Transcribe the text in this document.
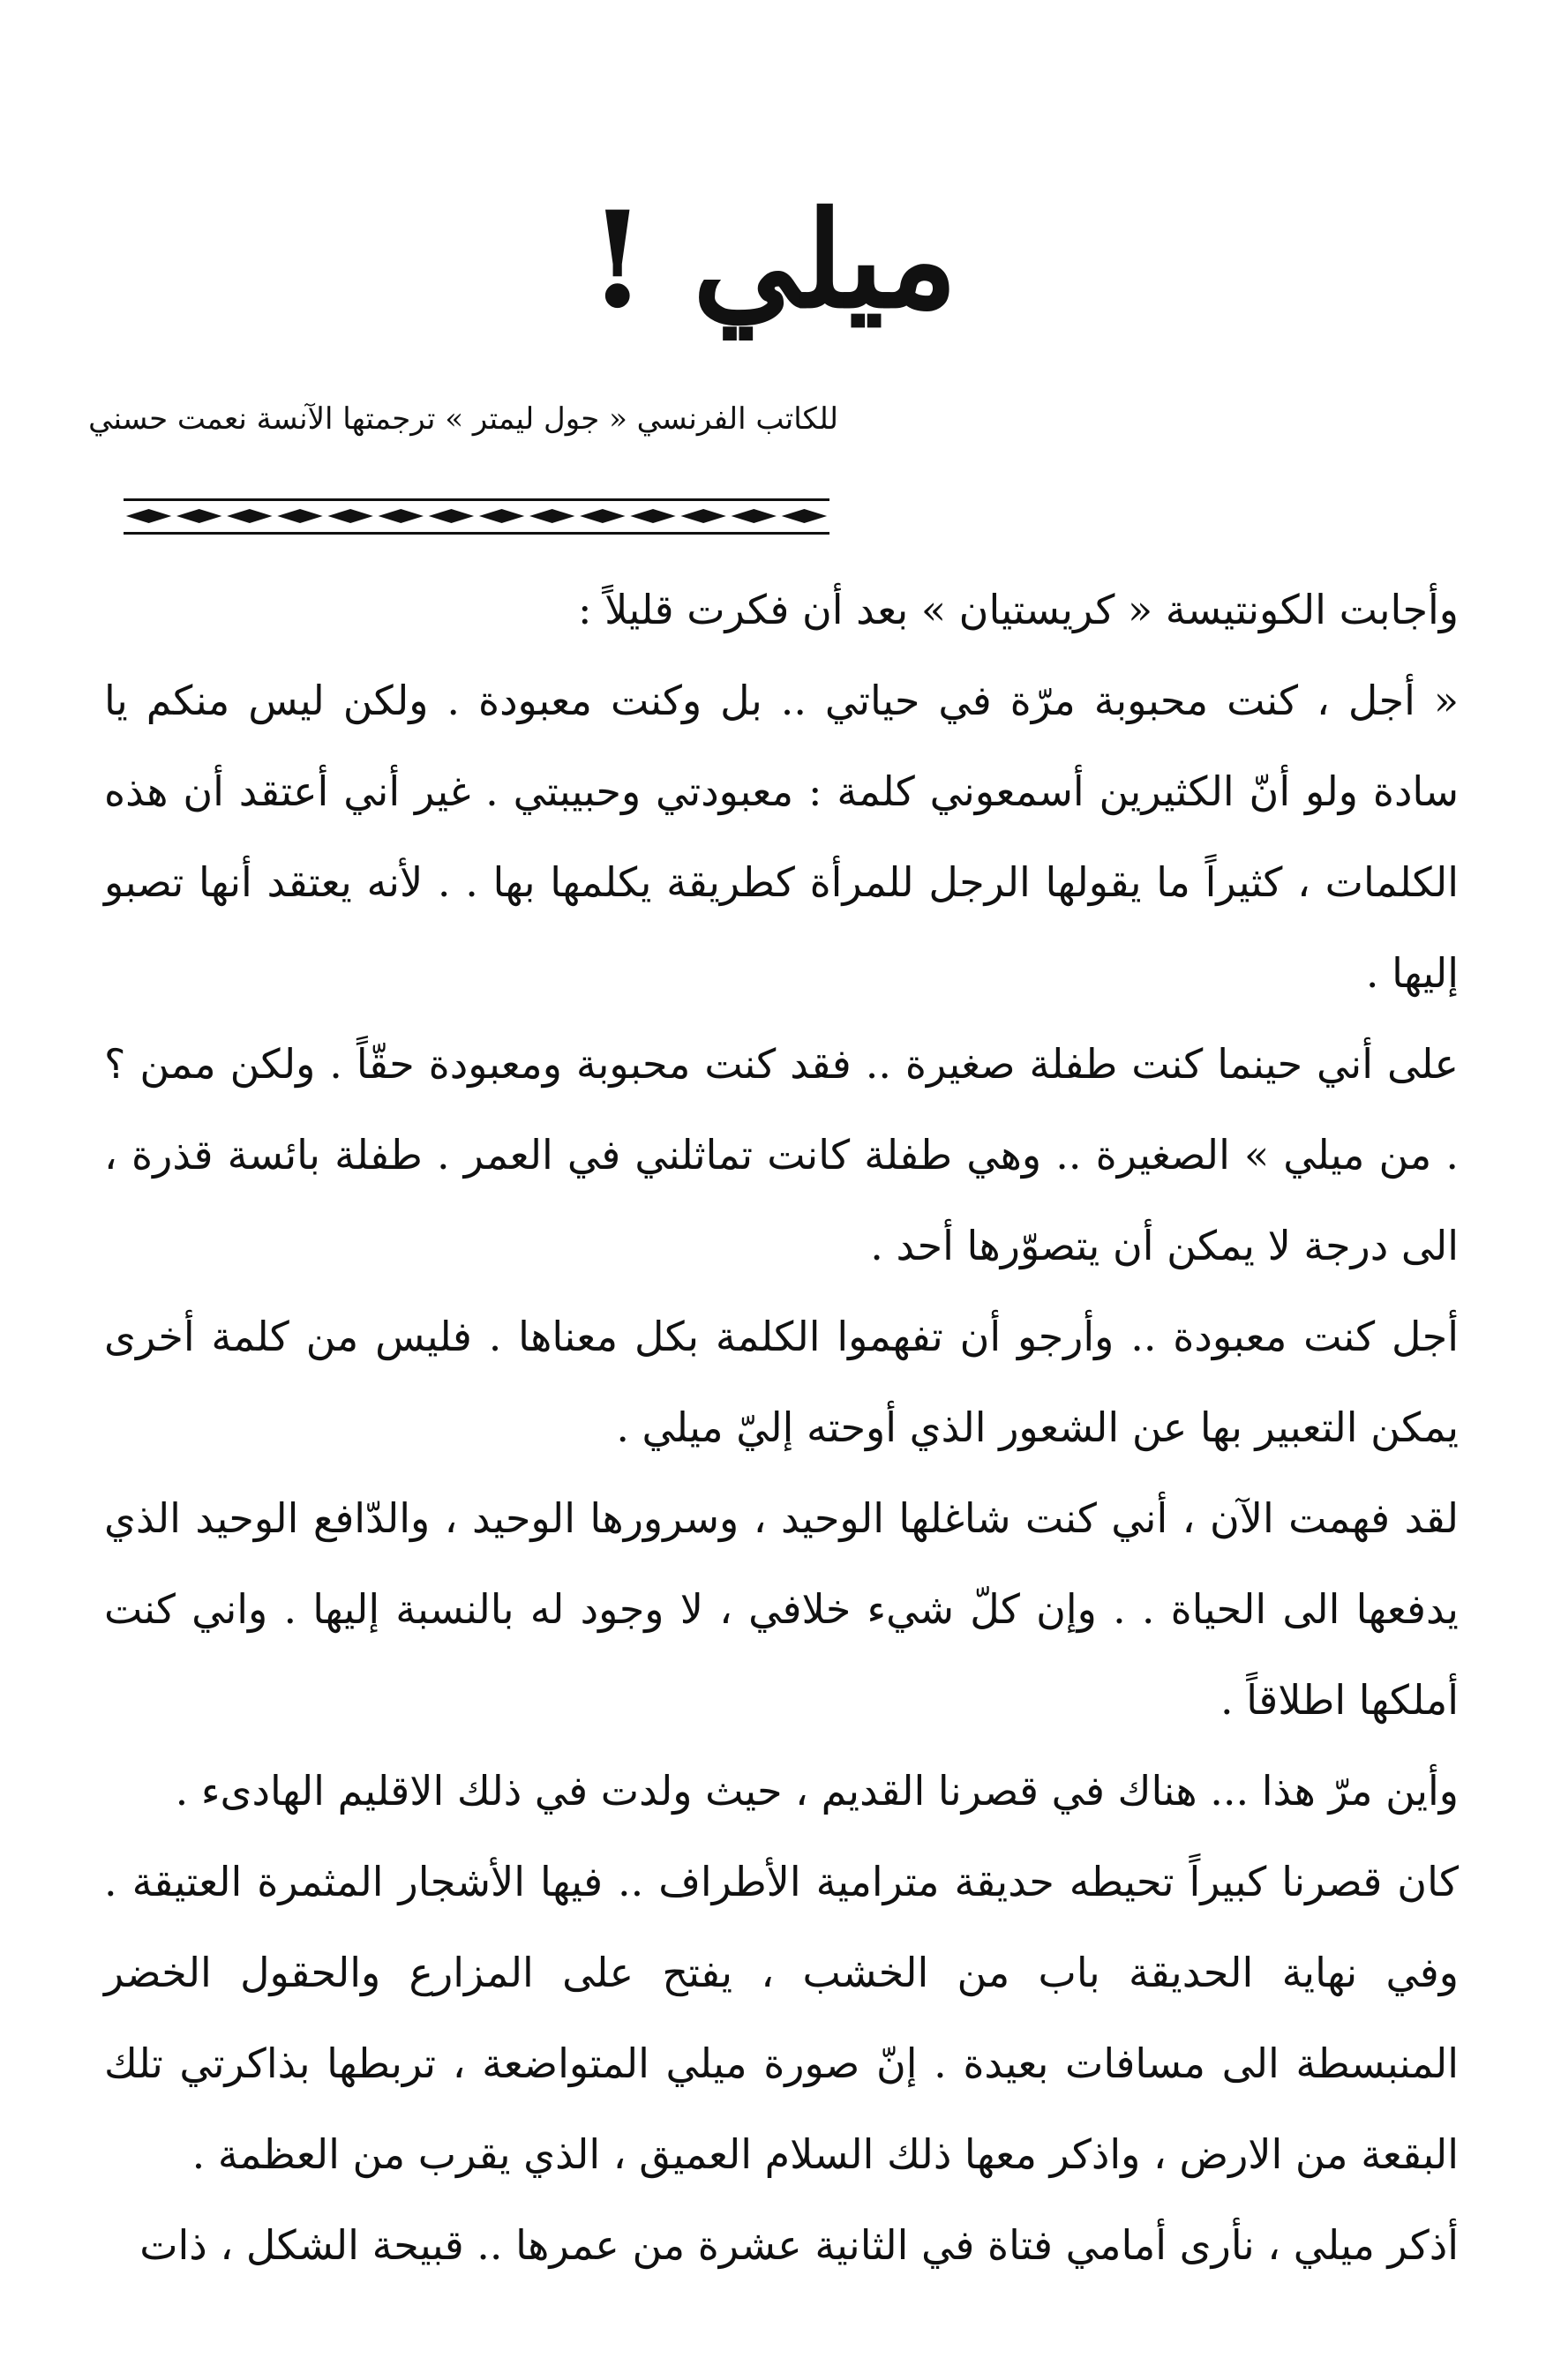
ميلي !
للكاتب الفرنسي « جول ليمتر » ترجمتها الآنسة نعمت حسني

وأجابت الكونتيسة « كريستيان » بعد أن فكرت قليلاً :

« أجل ، كنت محبوبة مرّة في حياتي .. بل وكنت معبودة . ولكن ليس منكم يا سادة ولو أنّ الكثيرين أسمعوني كلمة : معبودتي وحبيبتي . غير أني أعتقد أن هذه الكلمات ، كثيراً ما يقولها الرجل للمرأة كطريقة يكلمها بها . . لأنه يعتقد أنها تصبو إليها .

على أني حينما كنت طفلة صغيرة .. فقد كنت محبوبة ومعبودة حقّاً . ولكن ممن ؟ . من ميلي » الصغيرة .. وهي طفلة كانت تماثلني في العمر . طفلة بائسة قذرة ، الى درجة لا يمكن أن يتصوّرها أحد .

أجل كنت معبودة .. وأرجو أن تفهموا الكلمة بكل معناها . فليس من كلمة أخرى يمكن التعبير بها عن الشعور الذي أوحته إليّ ميلي .

لقد فهمت الآن ، أني كنت شاغلها الوحيد ، وسرورها الوحيد ، والدّافع الوحيد الذي يدفعها الى الحياة . . وإن كلّ شيء خلافي ، لا وجود له بالنسبة إليها . واني كنت أملكها اطلاقاً .

وأين مرّ هذا ... هناك في قصرنا القديم ، حيث ولدت في ذلك الاقليم الهادىء .

كان قصرنا كبيراً تحيطه حديقة مترامية الأطراف .. فيها الأشجار المثمرة العتيقة . وفي نهاية الحديقة باب من الخشب ، يفتح على المزارع والحقول الخضر المنبسطة الى مسافات بعيدة . إنّ صورة ميلي المتواضعة ، تربطها بذاكرتي تلك البقعة من الارض ، واذكر معها ذلك السلام العميق ، الذي يقرب من العظمة .

أذكر ميلي ، نأرى أمامي فتاة في الثانية عشرة من عمرها .. قبيحة الشكل ، ذات
